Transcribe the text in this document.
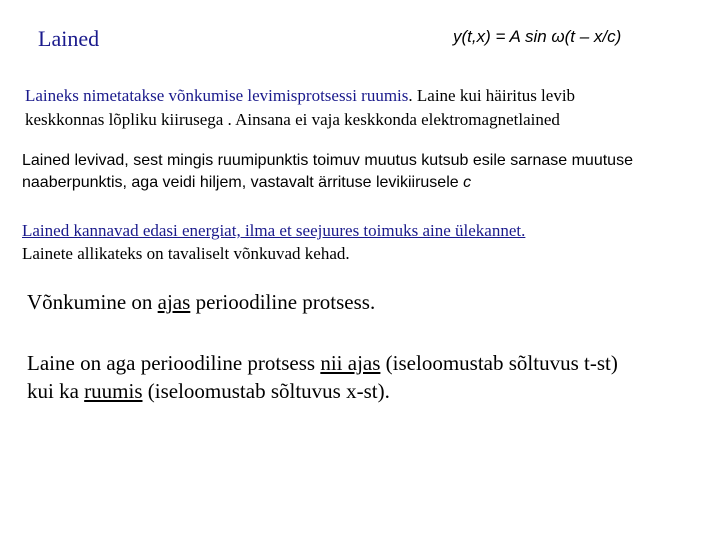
Lained	y(t,x) = A sin ω(t – x/c)
Laineks nimetatakse võnkumise levimisprotsessi ruumis. Laine kui häiritus levib
keskkonnas lõpliku kiirusega . Ainsana ei vaja keskkonda elektromagnetlained
Lained levivad, sest mingis ruumipunktis toimuv muutus kutsub esile sarnase muutuse
naaberpunktis, aga veidi hiljem, vastavalt ärrituse levikiirusele c
Lained kannavad edasi energiat, ilma et seejuures toimuks aine ülekannet.
Lainete allikateks on tavaliselt võnkuvad kehad.
Võnkumine on ajas perioodiline protsess.
Laine on aga perioodiline protsess nii ajas (iseloomustab sõltuvus t-st)
kui ka ruumis (iseloomustab sõltuvus x-st).
